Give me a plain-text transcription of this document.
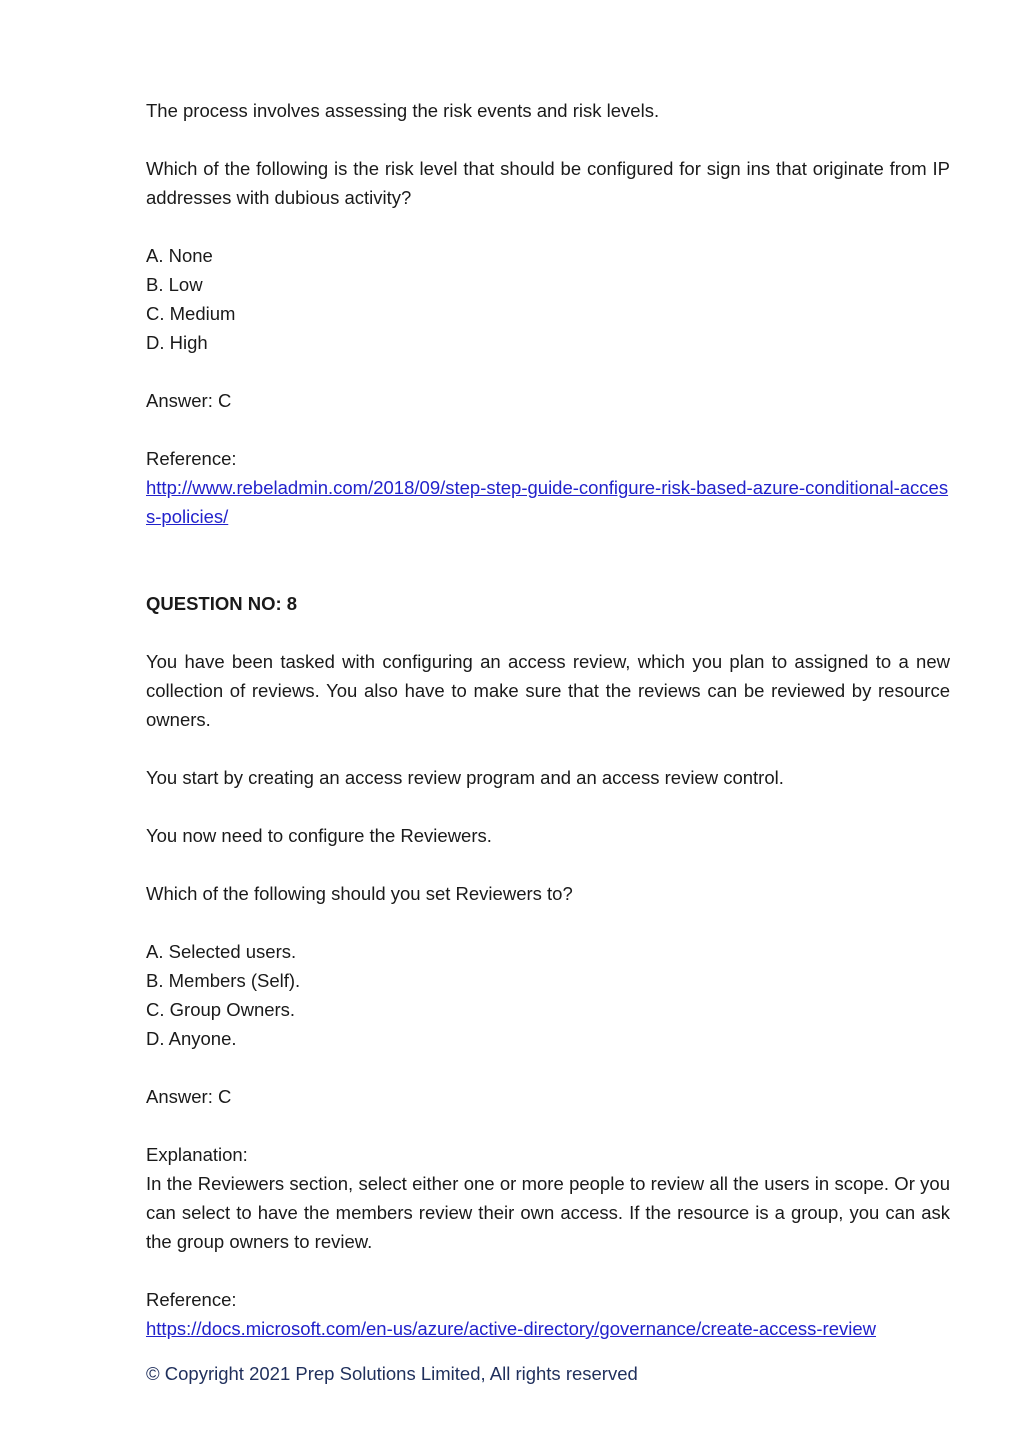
The process involves assessing the risk events and risk levels.

Which of the following is the risk level that should be configured for sign ins that originate from IP addresses with dubious activity?

A. None

B. Low

C. Medium

D. High

Answer: C

Reference:

http://www.rebeladmin.com/2018/09/step-step-guide-configure-risk-based-azure-conditional-access-policies/

QUESTION NO: 8

You have been tasked with configuring an access review, which you plan to assigned to a new collection of reviews. You also have to make sure that the reviews can be reviewed by resource owners.

You start by creating an access review program and an access review control.

You now need to configure the Reviewers.

Which of the following should you set Reviewers to?

A. Selected users.

B. Members (Self).

C. Group Owners.

D. Anyone.

Answer: C

Explanation:

In the Reviewers section, select either one or more people to review all the users in scope. Or you can select to have the members review their own access. If the resource is a group, you can ask the group owners to review.

Reference:

https://docs.microsoft.com/en-us/azure/active-directory/governance/create-access-review

© Copyright 2021 Prep Solutions Limited, All rights reserved
